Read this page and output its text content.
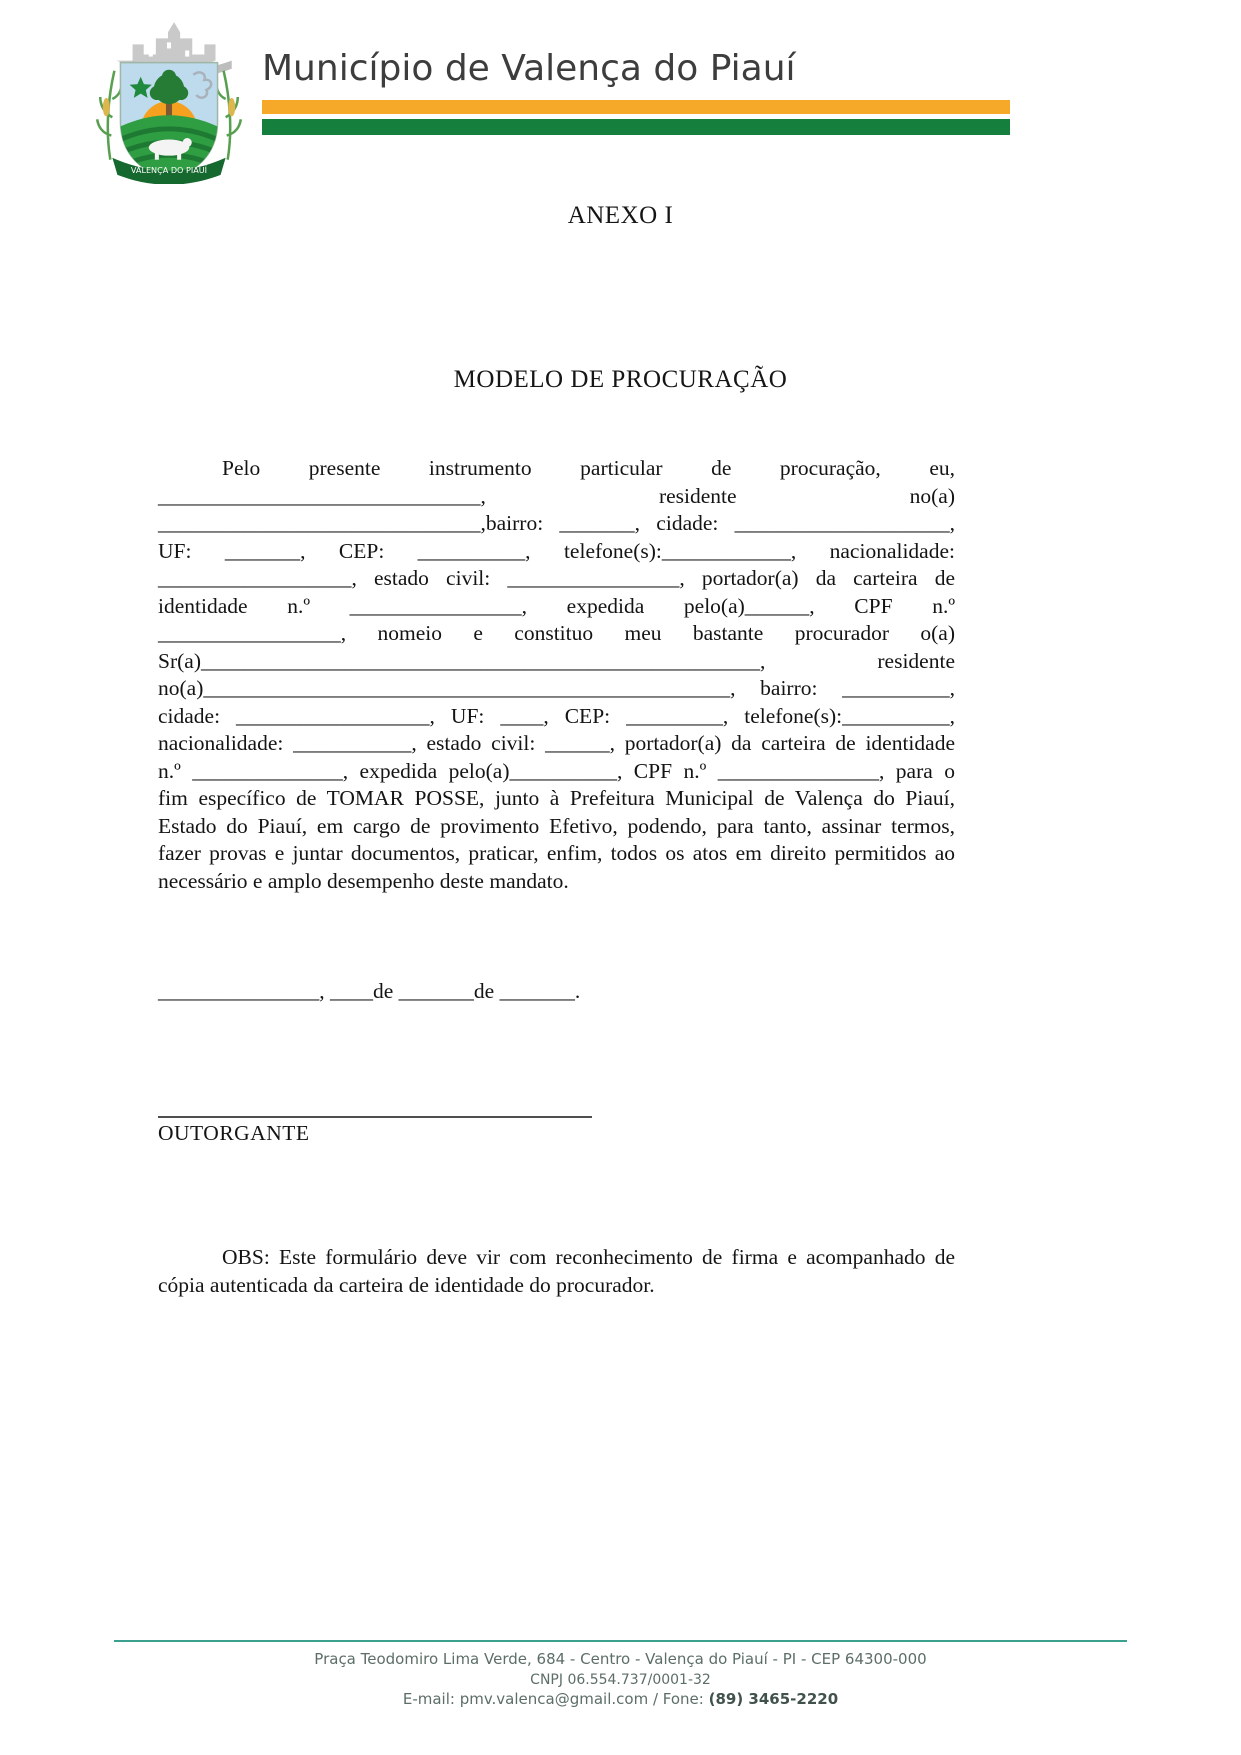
VALENÇA DO PIAUÍ
Município de Valença do Piauí
ANEXO I
MODELO DE PROCURAÇÃO
Pelo presente instrumento particular de procuração, eu,
______________________________, residente no(a)
______________________________,bairro: _______, cidade: ____________________,
UF: _______, CEP: __________, telefone(s):____________, nacionalidade:
__________________, estado civil: ________________, portador(a) da carteira de
identidade n.º ________________, expedida pelo(a)______, CPF n.º
_________________, nomeio e constituo meu bastante procurador o(a)
Sr(a)____________________________________________________, residente
no(a)_________________________________________________, bairro: __________,
cidade: __________________, UF: ____, CEP: _________, telefone(s):__________,
nacionalidade: ___________, estado civil: ______, portador(a) da carteira de identidade
n.º ______________, expedida pelo(a)__________, CPF n.º _______________, para o
fim específico de TOMAR POSSE, junto à Prefeitura Municipal de Valença do Piauí,
Estado do Piauí, em cargo de provimento Efetivo, podendo, para tanto, assinar termos,
fazer provas e juntar documentos, praticar, enfim, todos os atos em direito permitidos ao
necessário e amplo desempenho deste mandato.
_______________, ____de _______de _______.
OUTORGANTE
OBS: Este formulário deve vir com reconhecimento de firma e acompanhado de
cópia autenticada da carteira de identidade do procurador.
Praça Teodomiro Lima Verde, 684 - Centro - Valença do Piauí - PI - CEP 64300-000
CNPJ 06.554.737/0001-32
E-mail: pmv.valenca@gmail.com / Fone: (89) 3465-2220
